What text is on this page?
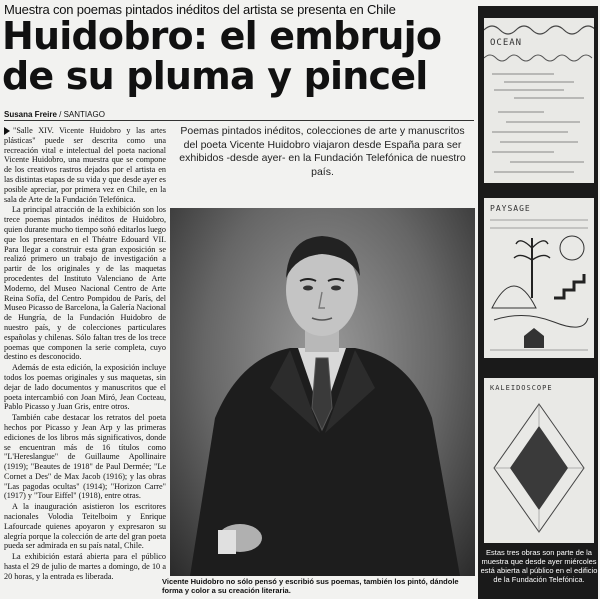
Muestra con poemas pintados inéditos del artista se presenta en Chile
Huidobro: el embrujo
de su pluma y pincel
Susana Freire / SANTIAGO
Poemas pintados inéditos, colecciones de arte y manuscritos del poeta Vicente Huidobro viajaron desde España para ser exhibidos -desde ayer- en la Fundación Telefónica de nuestro país.

"Salle XIV. Vicente Huidobro y las artes plásticas" puede ser descrita como una recreación vital e intelectual del poeta nacional Vicente Huidobro, una muestra que se compone de los creativos rastros dejados por el artista en las distintas etapas de su vida y que desde ayer es posible apreciar, por primera vez en Chile, en la sala de Arte de la Fundación Telefónica.

La principal atracción de la exhibición son los trece poemas pintados inéditos de Huidobro, quien durante mucho tiempo soñó editarlos luego que los presentara en el Théatre Edouard VII. Para llegar a construir esta gran exposición se realizó primero un trabajo de investigación a partir de los originales y de las maquetas procedentes del Instituto Valenciano de Arte Moderno, del Museo Nacional Centro de Arte Reina Sofía, del Centro Pompidou de París, del Museo Picasso de Barcelona, la Galería Nacional de Hungría, de la Fundación Huidobro de nuestro país, y de colecciones particulares españolas y chilenas. Sólo faltan tres de los trece poemas que componen la serie completa, cuyo destino es desconocido.

Además de esta edición, la exposición incluye todos los poemas originales y sus maquetas, sin dejar de lado documentos y manuscritos que el poeta intercambió con Joan Miró, Jean Cocteau, Pablo Picasso y Juan Gris, entre otros.

También cabe destacar los retratos del poeta hechos por Picasso y Jean Arp y las primeras ediciones de los libros más significativos, donde se encuentran más de 16 títulos como "L'Hereslangue" de Guillaume Apollinaire (1919); "Beautes de 1918" de Paul Dermée; "Le Cornet a Des" de Max Jacob (1916); y las obras "Las pagodas ocultas" (1914); "Horizon Carre" (1917) y "Tour Eiffel" (1918), entre otras.

A la inauguración asistieron los escritores nacionales Volodia Teitelboim y Enrique Lafourcade quienes apoyaron y expresaron su alegría porque la colección de arte del gran poeta pueda ser admirada en su país natal, Chile.

La exhibición estará abierta para el público hasta el 29 de julio de martes a domingo, de 10 a 20 horas, y la entrada es liberada.

Vicente Huidobro no sólo pensó y escribió sus poemas, también los pintó, dándole forma y color a su creación literaria.
OCEAN
PAYSAGE
KALEIDOSCOPE
Estas tres obras son parte de la muestra que desde ayer miércoles está abierta al público en el edificio de la Fundación Telefónica.
